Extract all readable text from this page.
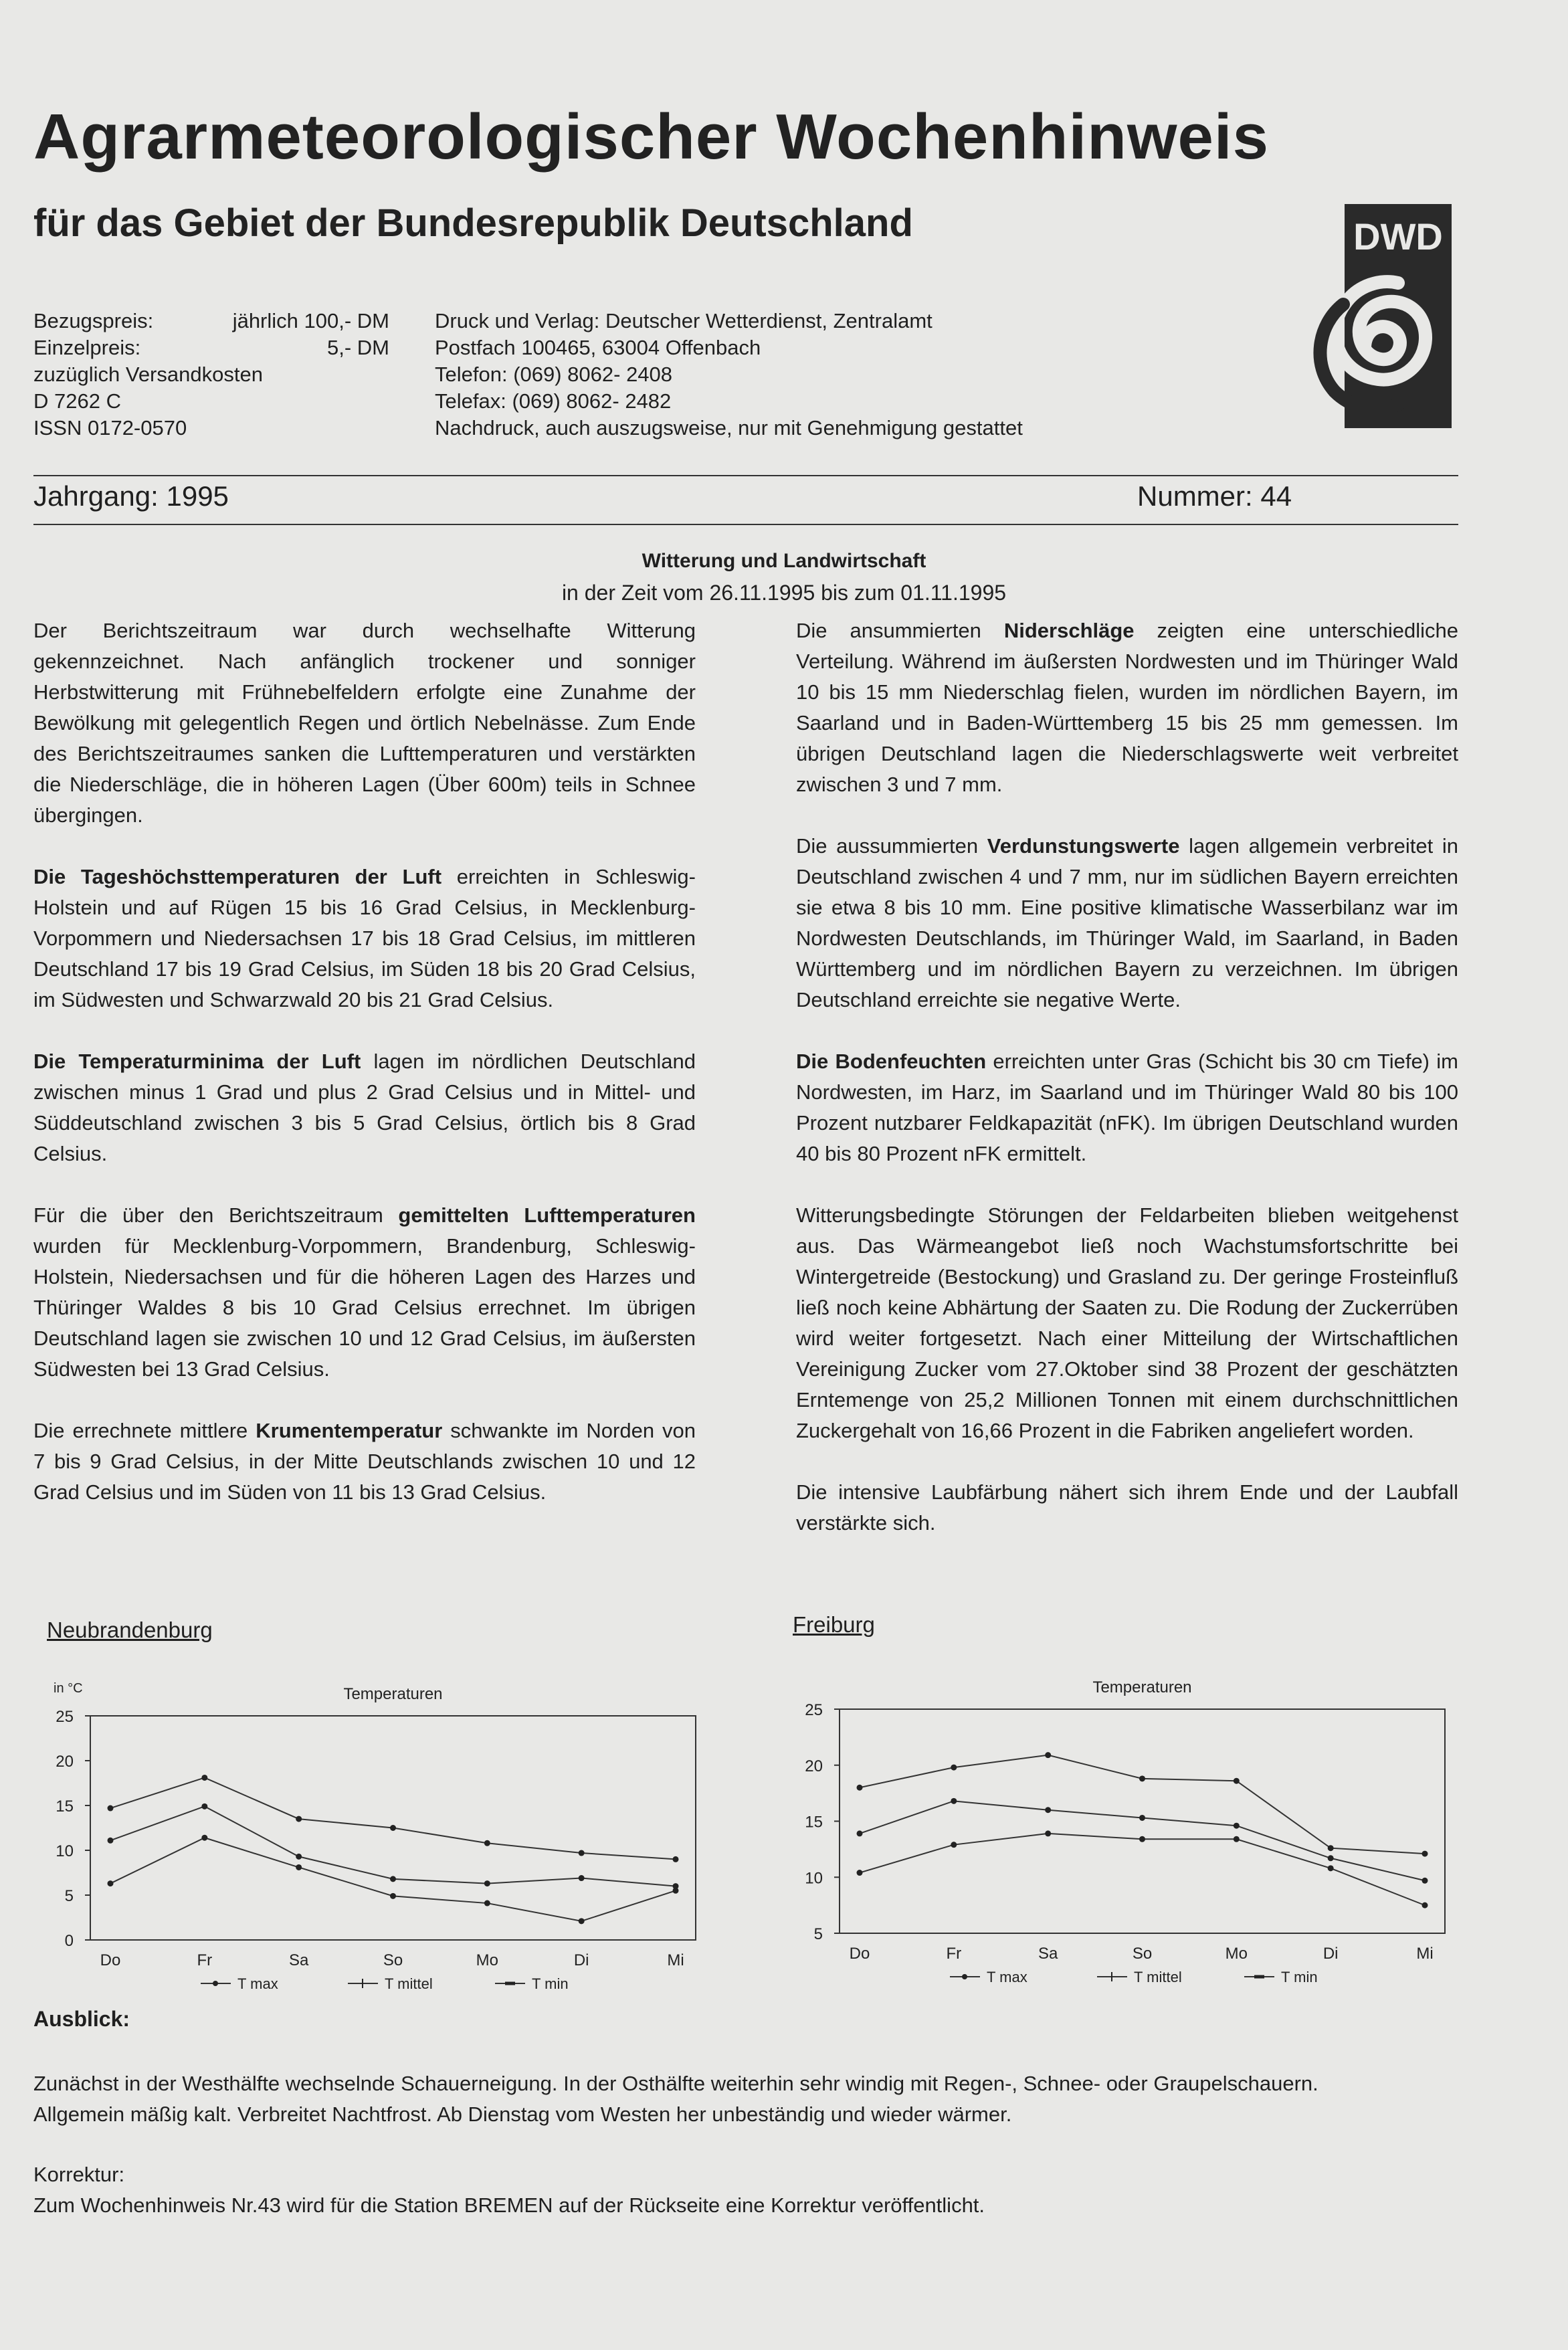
Agrarmeteorologischer Wochenhinweis
für das Gebiet der Bundesrepublik Deutschland
Bezugspreis:	jährlich 100,- DM
Einzelpreis:	5,- DM
zuzüglich Versandkosten
D 7262 C
ISSN 0172-0570
Druck und Verlag: Deutscher Wetterdienst, Zentralamt
Postfach 100465, 63004 Offenbach
Telefon: (069) 8062- 2408
Telefax: (069) 8062- 2482
Nachdruck, auch auszugsweise, nur mit Genehmigung gestattet
DWD
Jahrgang: 1995	Nummer: 44
Witterung und Landwirtschaft
in der Zeit vom 26.11.1995 bis zum 01.11.1995

Der Berichtszeitraum war durch wechselhafte Witterung gekennzeichnet. Nach anfänglich trockener und sonniger Herbstwitterung mit Frühnebelfeldern erfolgte eine Zunahme der Bewölkung mit gelegentlich Regen und örtlich Nebelnässe. Zum Ende des Berichtszeitraumes sanken die Lufttemperaturen und verstärkten die Niederschläge, die in höheren Lagen (Über 600m) teils in Schnee übergingen.

Die Tageshöchsttemperaturen der Luft erreichten in Schleswig-Holstein und auf Rügen 15 bis 16 Grad Celsius, in Mecklenburg-Vorpommern und Niedersachsen 17 bis 18 Grad Celsius, im mittleren Deutschland 17 bis 19 Grad Celsius, im Süden 18 bis 20 Grad Celsius, im Südwesten und Schwarzwald 20 bis 21 Grad Celsius.

Die Temperaturminima der Luft lagen im nördlichen Deutschland zwischen minus 1 Grad und plus 2 Grad Celsius und in Mittel- und Süddeutschland zwischen 3 bis 5 Grad Celsius, örtlich bis 8 Grad Celsius.

Für die über den Berichtszeitraum gemittelten Lufttemperaturen wurden für Mecklenburg-Vorpommern, Brandenburg, Schleswig-Holstein, Niedersachsen und für die höheren Lagen des Harzes und Thüringer Waldes 8 bis 10 Grad Celsius errechnet. Im übrigen Deutschland lagen sie zwischen 10 und 12 Grad Celsius, im äußersten Südwesten bei 13 Grad Celsius.

Die errechnete mittlere Krumentemperatur schwankte im Norden von 7 bis 9 Grad Celsius, in der Mitte Deutschlands zwischen 10 und 12 Grad Celsius und im Süden von 11 bis 13 Grad Celsius.

Die ansummierten Niderschläge zeigten eine unterschiedliche Verteilung. Während im äußersten Nordwesten und im Thüringer Wald 10 bis 15 mm Niederschlag fielen, wurden im nördlichen Bayern, im Saarland und in Baden-Württemberg 15 bis 25 mm gemessen. Im übrigen Deutschland lagen die Niederschlagswerte weit verbreitet zwischen 3 und 7 mm.

Die aussummierten Verdunstungswerte lagen allgemein verbreitet in Deutschland zwischen 4 und 7 mm, nur im südlichen Bayern erreichten sie etwa 8 bis 10 mm. Eine positive klimatische Wasserbilanz war im Nordwesten Deutschlands, im Thüringer Wald, im Saarland, in Baden Württemberg und im nördlichen Bayern zu verzeichnen. Im übrigen Deutschland erreichte sie negative Werte.

Die Bodenfeuchten erreichten unter Gras (Schicht bis 30 cm Tiefe) im Nordwesten, im Harz, im Saarland und im Thüringer Wald 80 bis 100 Prozent nutzbarer Feldkapazität (nFK). Im übrigen Deutschland wurden 40 bis 80 Prozent nFK ermittelt.

Witterungsbedingte Störungen der Feldarbeiten blieben weitgehenst aus. Das Wärmeangebot ließ noch Wachstumsfortschritte bei Wintergetreide (Bestockung) und Grasland zu. Der geringe Frosteinfluß ließ noch keine Abhärtung der Saaten zu. Die Rodung der Zuckerrüben wird weiter fortgesetzt. Nach einer Mitteilung der Wirtschaftlichen Vereinigung Zucker vom 27.Oktober sind 38 Prozent der geschätzten Erntemenge von 25,2 Millionen Tonnen mit einem durchschnittlichen Zuckergehalt von 16,66 Prozent in die Fabriken angeliefert worden.

Die intensive Laubfärbung nähert sich ihrem Ende und der Laubfall verstärkte sich.

Neubrandenburg	Freiburg
Temperaturen
in °C
0
5
10
15
20
25
Do	Fr	Sa	So	Mo	Di	Mi
T max	T mittel	T min
Temperaturen
5
10
15
20
25
Do	Fr	Sa	So	Mo	Di	Mi
T max	T mittel	T min
Ausblick:
Zunächst in der Westhälfte wechselnde Schauerneigung. In der Osthälfte weiterhin sehr windig mit Regen-, Schnee- oder Graupelschauern.
Allgemein mäßig kalt. Verbreitet Nachtfrost. Ab Dienstag vom Westen her unbeständig und wieder wärmer.
Korrektur:
Zum Wochenhinweis Nr.43 wird für die Station BREMEN auf der Rückseite eine Korrektur veröffentlicht.
